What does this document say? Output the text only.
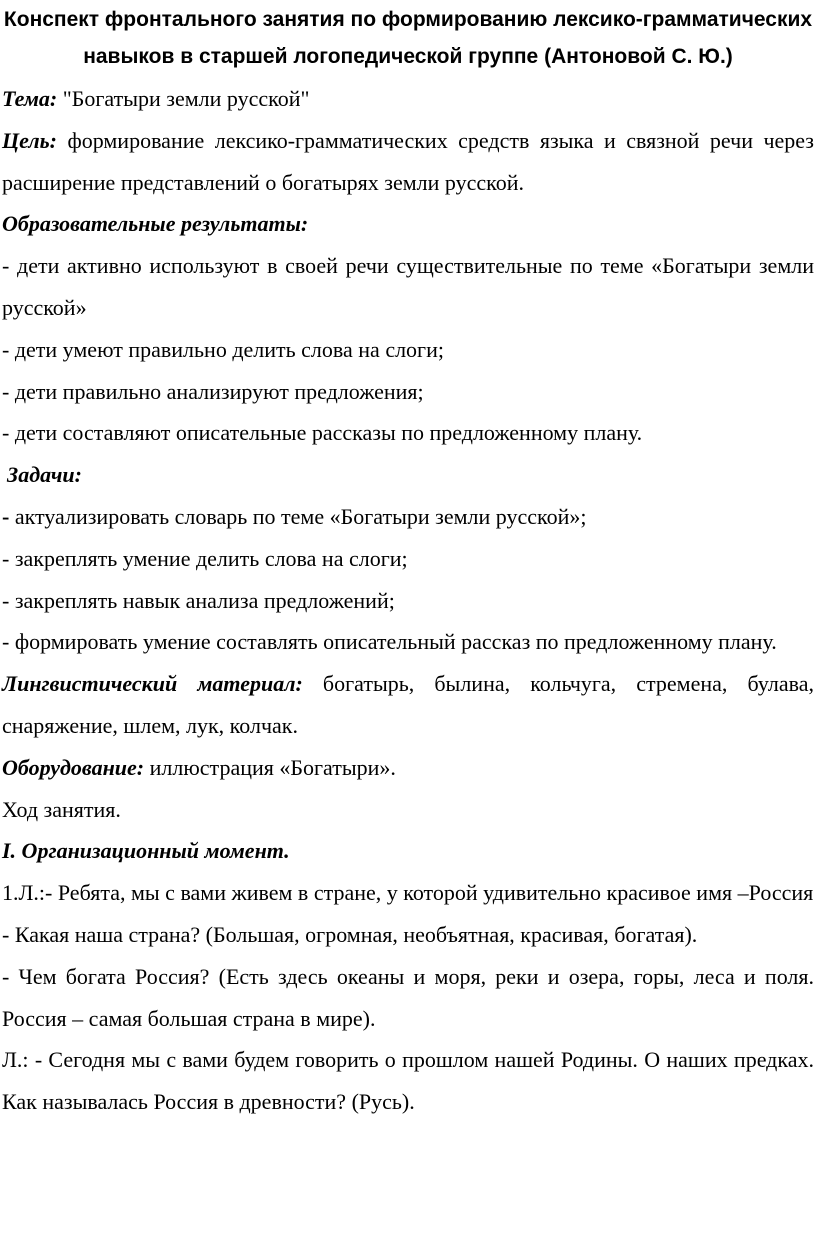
Конспект фронтального занятия по формированию лексико-грамматических навыков в старшей логопедической группе (Антоновой С. Ю.)

Тема: "Богатыри земли русской"

Цель: формирование лексико-грамматических средств языка и связной речи через расширение представлений о богатырях земли русской.

Образовательные результаты:

- дети активно используют в своей речи существительные по теме «Богатыри земли русской»

- дети умеют правильно делить слова на слоги;

- дети правильно анализируют предложения;

- дети составляют описательные рассказы по предложенному плану.

Задачи:

- актуализировать словарь по теме «Богатыри земли русской»;

- закреплять умение делить слова на слоги;

- закреплять навык анализа предложений;

- формировать умение составлять описательный рассказ по предложенному плану.

Лингвистический материал: богатырь, былина, кольчуга, стремена, булава, снаряжение, шлем, лук, колчак.

Оборудование: иллюстрация «Богатыри».

Ход занятия.

I. Организационный момент.

1.Л.:- Ребята, мы с вами живем в стране, у которой удивительно красивое имя –Россия

- Какая наша страна? (Большая, огромная, необъятная, красивая, богатая).

- Чем богата Россия? (Есть здесь океаны и моря, реки и озера, горы, леса и поля. Россия – самая большая страна в мире).

Л.: - Сегодня мы с вами будем говорить о прошлом нашей Родины. О наших предках. Как называлась Россия в древности? (Русь).
